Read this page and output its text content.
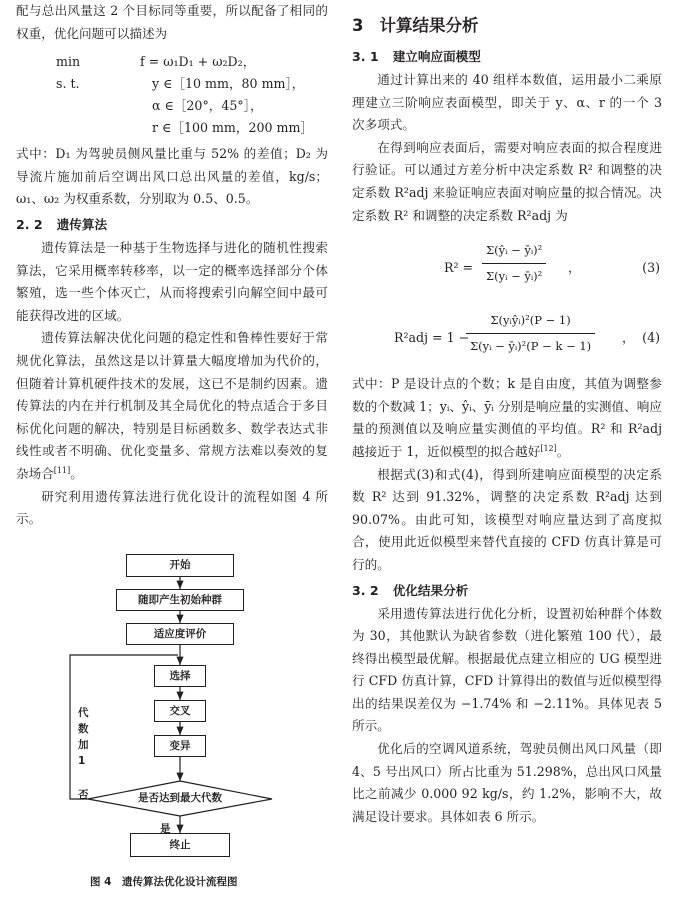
配与总出风量这 2 个目标同等重要，所以配备了相同的权重，优化问题可以描述为

min	f = ω₁D₁ + ω₂D₂，
s. t.	y ∈［10 mm，80 mm］，
	α ∈［20°，45°］，
	r ∈［100 mm，200 mm］

式中：D₁ 为驾驶员侧风量比重与 52% 的差值；D₂ 为导流片施加前后空调出风口总出风量的差值，kg/s；ω₁、ω₂ 为权重系数，分别取为 0.5、0.5。

2. 2 遗传算法

遗传算法是一种基于生物选择与进化的随机性搜索算法，它采用概率转移率，以一定的概率选择部分个体繁殖，选一些个体灭亡，从而将搜索引向解空间中最可能获得改进的区域。

遗传算法解决优化问题的稳定性和鲁棒性要好于常规优化算法，虽然这是以计算量大幅度增加为代价的，但随着计算机硬件技术的发展，这已不是制约因素。遗传算法的内在并行机制及其全局优化的特点适合于多目标优化问题的解决，特别是目标函数多、数学表达式非线性或者不明确、优化变量多、常规方法难以奏效的复杂场合[11]。

研究利用遗传算法进行优化设计的流程如图 4 所示。

开始
随即产生初始种群
适应度评价
选择
交叉
变异
是否达到最大代数
终止
代数加1
否
是
图 4　遗传算法优化设计流程图
3 计算结果分析
3. 1 建立响应面模型

通过计算出来的 40 组样本数值，运用最小二乘原理建立三阶响应表面模型，即关于 y、α、r 的一个 3 次多项式。

在得到响应表面后，需要对响应表面的拟合程度进行验证。可以通过方差分析中决定系数 R² 和调整的决定系数 R²adj 来验证响应表面对响应量的拟合情况。决定系数 R² 和调整的决定系数 R²adj 为

$R^2 = \frac{\text{Σ(ŷᵢ − ȳᵢ)²}}{\text{Σ(yᵢ − ȳᵢ)²}}$ ，	(3)
R²adj = 1 −
Σ(yᵢŷᵢ)²(P − 1)
Σ(yᵢ − ȳᵢ)²(P − k − 1)
， (4)

式中：P 是设计点的个数；k 是自由度，其值为调整参数的个数减 1；yᵢ、ŷᵢ、ȳᵢ 分别是响应量的实测值、响应量的预测值以及响应量实测值的平均值。R² 和 R²adj 越接近于 1，近似模型的拟合越好[12]。

根据式(3)和式(4)，得到所建响应面模型的决定系数 R² 达到 91.32%，调整的决定系数 R²adj 达到 90.07%。由此可知，该模型对响应量达到了高度拟合，使用此近似模型来替代直接的 CFD 仿真计算是可行的。

3. 2 优化结果分析

采用遗传算法进行优化分析，设置初始种群个体数为 30，其他默认为缺省参数（进化繁殖 100 代），最终得出模型最优解。根据最优点建立相应的 UG 模型进行 CFD 仿真计算，CFD 计算得出的数值与近似模型得出的结果误差仅为 −1.74% 和 −2.11%。具体见表 5 所示。

优化后的空调风道系统，驾驶员侧出风口风量（即 4、5 号出风口）所占比重为 51.298%，总出风口风量比之前减少 0.000 92 kg/s，约 1.2%，影响不大，故满足设计要求。具体如表 6 所示。
